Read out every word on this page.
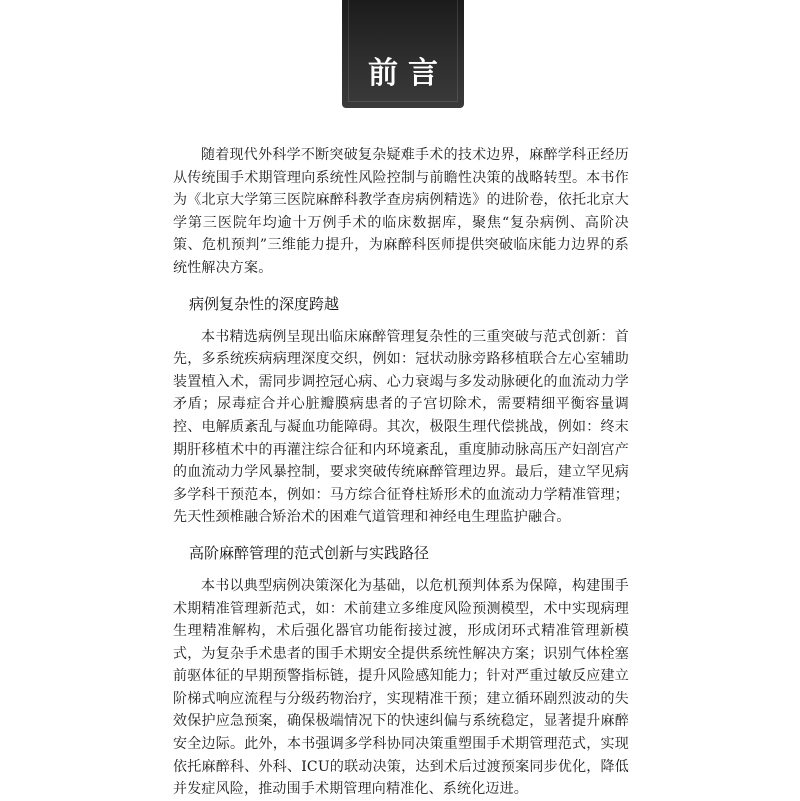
前言

随着现代外科学不断突破复杂疑难手术的技术边界，麻醉学科正经历从传统围手术期管理向系统性风险控制与前瞻性决策的战略转型。本书作为《北京大学第三医院麻醉科教学查房病例精选》的进阶卷，依托北京大学第三医院年均逾十万例手术的临床数据库，聚焦“复杂病例、高阶决策、危机预判”三维能力提升，为麻醉科医师提供突破临床能力边界的系统性解决方案。

病例复杂性的深度跨越

本书精选病例呈现出临床麻醉管理复杂性的三重突破与范式创新：首先，多系统疾病病理深度交织，例如：冠状动脉旁路移植联合左心室辅助装置植入术，需同步调控冠心病、心力衰竭与多发动脉硬化的血流动力学矛盾；尿毒症合并心脏瓣膜病患者的子宫切除术，需要精细平衡容量调控、电解质紊乱与凝血功能障碍。其次，极限生理代偿挑战，例如：终末期肝移植术中的再灌注综合征和内环境紊乱，重度肺动脉高压产妇剖宫产的血流动力学风暴控制，要求突破传统麻醉管理边界。最后，建立罕见病多学科干预范本，例如：马方综合征脊柱矫形术的血流动力学精准管理；先天性颈椎融合矫治术的困难气道管理和神经电生理监护融合。

高阶麻醉管理的范式创新与实践路径

本书以典型病例决策深化为基础，以危机预判体系为保障，构建围手术期精准管理新范式，如：术前建立多维度风险预测模型，术中实现病理生理精准解构，术后强化器官功能衔接过渡，形成闭环式精准管理新模式，为复杂手术患者的围手术期安全提供系统性解决方案；识别气体栓塞前驱体征的早期预警指标链，提升风险感知能力；针对严重过敏反应建立阶梯式响应流程与分级药物治疗，实现精准干预；建立循环剧烈波动的失效保护应急预案，确保极端情况下的快速纠偏与系统稳定，显著提升麻醉安全边际。此外，本书强调多学科协同决策重塑围手术期管理范式，实现依托麻醉科、外科、ICU的联动决策，达到术后过渡预案同步优化，降低并发症风险，推动围手术期管理向精准化、系统化迈进。
